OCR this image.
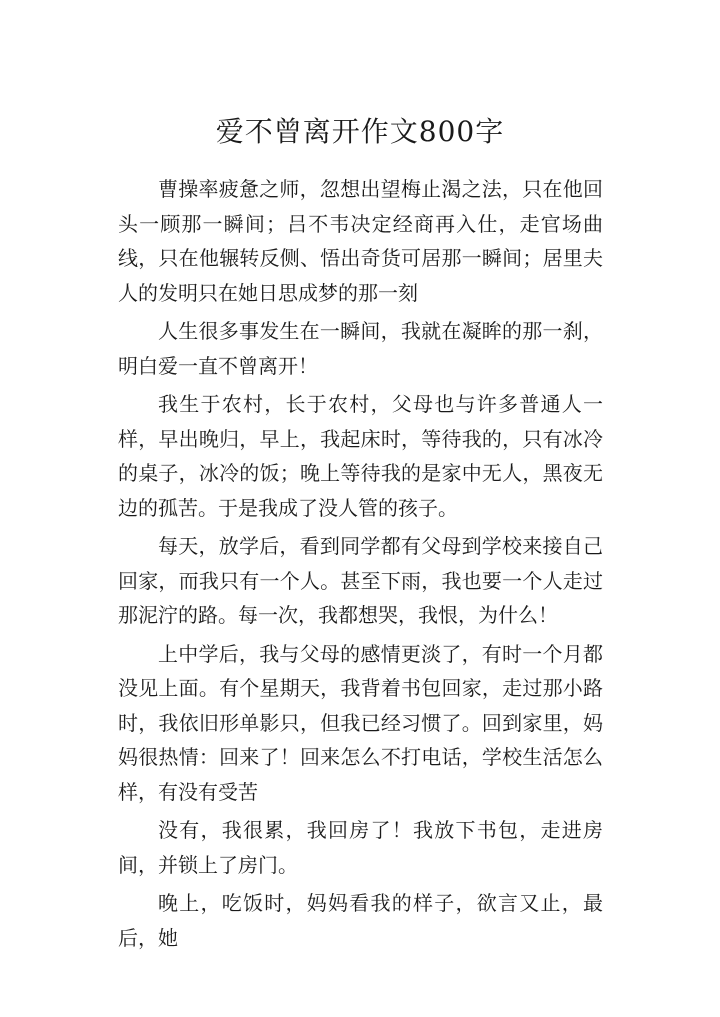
爱不曾离开作文800字

曹操率疲惫之师，忽想出望梅止渴之法，只在他回头一顾那一瞬间；吕不韦决定经商再入仕，走官场曲线，只在他辗转反侧、悟出奇货可居那一瞬间；居里夫人的发明只在她日思成梦的那一刻

人生很多事发生在一瞬间，我就在凝眸的那一刹，明白爱一直不曾离开！

我生于农村，长于农村，父母也与许多普通人一样，早出晚归，早上，我起床时，等待我的，只有冰冷的桌子，冰冷的饭；晚上等待我的是家中无人，黑夜无边的孤苦。于是我成了没人管的孩子。

每天，放学后，看到同学都有父母到学校来接自己回家，而我只有一个人。甚至下雨，我也要一个人走过那泥泞的路。每一次，我都想哭，我恨，为什么！

上中学后，我与父母的感情更淡了，有时一个月都没见上面。有个星期天，我背着书包回家，走过那小路时，我依旧形单影只，但我已经习惯了。回到家里，妈妈很热情：回来了！回来怎么不打电话，学校生活怎么样，有没有受苦

没有，我很累，我回房了！我放下书包，走进房间，并锁上了房门。

晚上，吃饭时，妈妈看我的样子，欲言又止，最后，她
